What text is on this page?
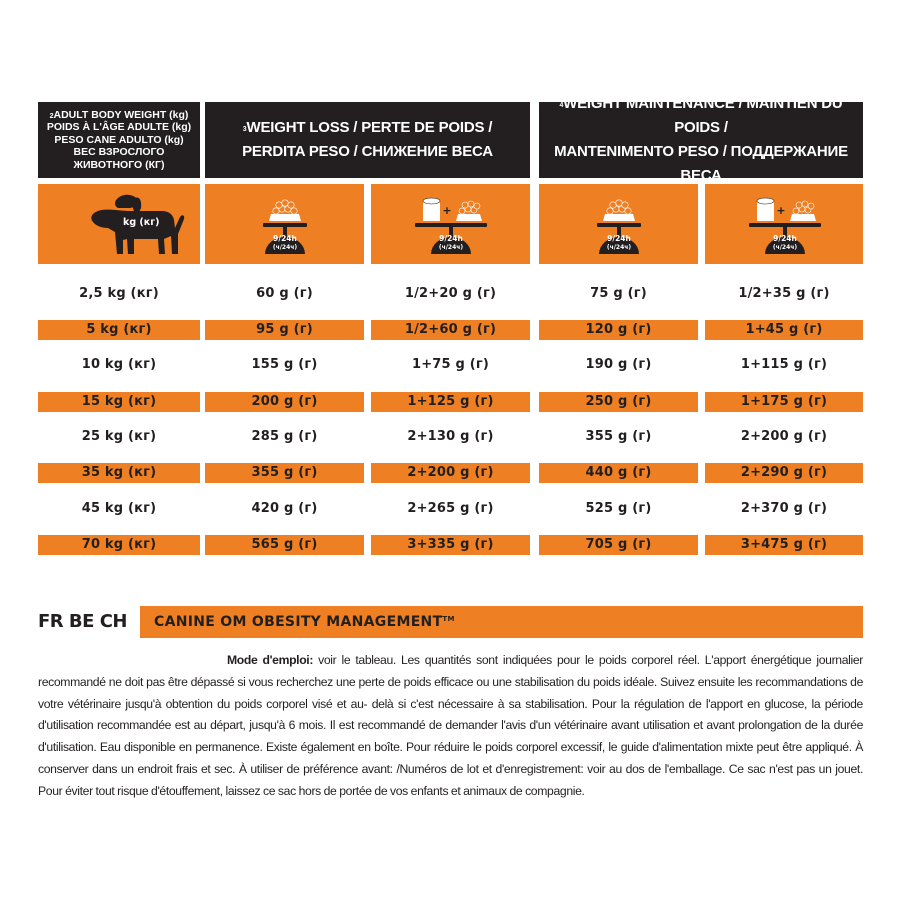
$^2$ADULT BODY WEIGHT (kg)
POIDS À L'ÂGE ADULTE (kg)
PESO CANE ADULTO (kg)
ВЕС ВЗРОСЛОГО ЖИВОТНОГО (КГ)
$^3$WEIGHT LOSS / PERTE DE POIDS /
PERDITA PESO / СНИЖЕНИЕ ВЕСА
$^4$WEIGHT MAINTENANCE / MAINTIEN DU POIDS /
MANTENIMENTO PESO / ПОДДЕРЖАНИЕ ВЕСА
kg (кг)
9/24h
(ч/24ч)
+
9/24h
(ч/24ч)
9/24h
(ч/24ч)
+
9/24h
(ч/24ч)
2,5 kg (кг)	60 g (г)	1/2+20 g (г)	75 g (г)	1/2+35 g (г)
5 kg (кг)	95 g (г)	1/2+60 g (г)	120 g (г)	1+45 g (г)
10 kg (кг)	155 g (г)	1+75 g (г)	190 g (г)	1+115 g (г)
15 kg (кг)	200 g (г)	1+125 g (г)	250 g (г)	1+175 g (г)
25 kg (кг)	285 g (г)	2+130 g (г)	355 g (г)	2+200 g (г)
35 kg (кг)	355 g (г)	2+200 g (г)	440 g (г)	2+290 g (г)
45 kg (кг)	420 g (г)	2+265 g (г)	525 g (г)	2+370 g (г)
70 kg (кг)	565 g (г)	3+335 g (г)	705 g (г)	3+475 g (г)
FR BE CH CANINE OM OBESITY MANAGEMENT™

Mode d'emploi: voir le tableau. Les quantités sont indiquées pour le poids corporel réel. L'apport énergétique journalier recommandé ne doit pas être dépassé si vous recherchez une perte de poids efficace ou une stabilisation du poids idéale. Suivez ensuite les recommandations de votre vétérinaire jusqu'à obtention du poids corporel visé et au- delà si c'est nécessaire à sa stabilisation. Pour la régulation de l'apport en glucose, la période d'utilisation recommandée est au départ, jusqu'à 6 mois. Il est recommandé de demander l'avis d'un vétérinaire avant utilisation et avant prolongation de la durée d'utilisation. Eau disponible en permanence. Existe également en boîte. Pour réduire le poids corporel excessif, le guide d'alimentation mixte peut être appliqué. À conserver dans un endroit frais et sec. À utiliser de préférence avant: /Numéros de lot et d'enregistrement: voir au dos de l'emballage. Ce sac n'est pas un jouet. Pour éviter tout risque d'étouffement, laissez ce sac hors de portée de vos enfants et animaux de compagnie.
